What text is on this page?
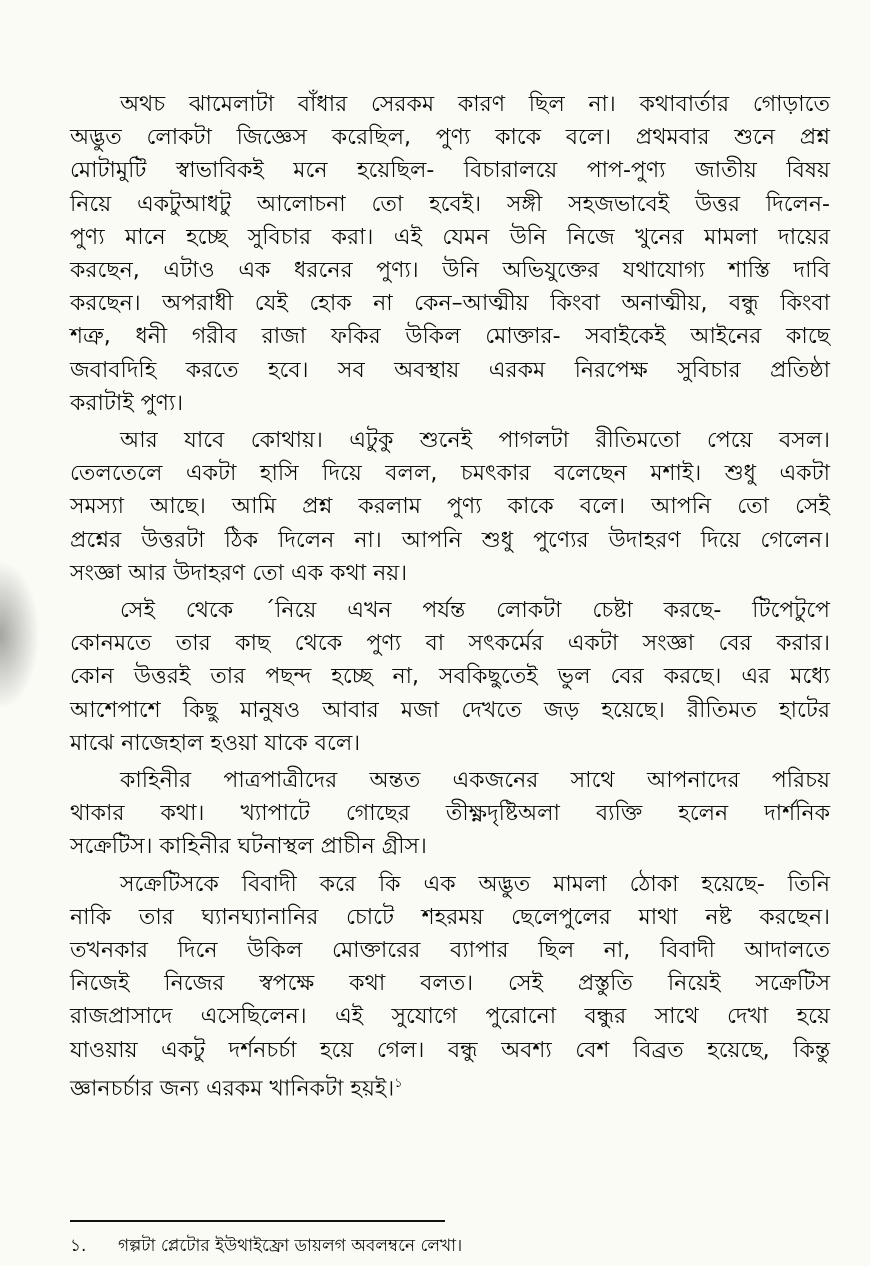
অথচ ঝামেলাটা বাঁধার সেরকম কারণ ছিল না। কথাবার্তার গোড়াতে
অদ্ভুত লোকটা জিজ্ঞেস করেছিল, পুণ্য কাকে বলে। প্রথমবার শুনে প্রশ্ন
মোটামুটি স্বাভাবিকই মনে হয়েছিল- বিচারালয়ে পাপ-পুণ্য জাতীয় বিষয়
নিয়ে একটুআধটু আলোচনা তো হবেই। সঙ্গী সহজভাবেই উত্তর দিলেন-
পুণ্য মানে হচ্ছে সুবিচার করা। এই যেমন উনি নিজে খুনের মামলা দায়ের
করছেন, এটাও এক ধরনের পুণ্য। উনি অভিযুক্তের যথাযোগ্য শাস্তি দাবি
করছেন। অপরাধী যেই হোক না কেন–আত্মীয় কিংবা অনাত্মীয়, বন্ধু কিংবা
শত্রু, ধনী গরীব রাজা ফকির উকিল মোক্তার- সবাইকেই আইনের কাছে
জবাবদিহি করতে হবে। সব অবস্থায় এরকম নিরপেক্ষ সুবিচার প্রতিষ্ঠা
করাটাই পুণ্য।
আর যাবে কোথায়। এটুকু শুনেই পাগলটা রীতিমতো পেয়ে বসল।
তেলতেলে একটা হাসি দিয়ে বলল, চমৎকার বলেছেন মশাই। শুধু একটা
সমস্যা আছে। আমি প্রশ্ন করলাম পুণ্য কাকে বলে। আপনি তো সেই
প্রশ্নের উত্তরটা ঠিক দিলেন না। আপনি শুধু পুণ্যের উদাহরণ দিয়ে গেলেন।
সংজ্ঞা আর উদাহরণ তো এক কথা নয়।
সেই থেকে ´নিয়ে এখন পর্যন্ত লোকটা চেষ্টা করছে- টিপেটুপে
কোনমতে তার কাছ থেকে পুণ্য বা সৎকর্মের একটা সংজ্ঞা বের করার।
কোন উত্তরই তার পছন্দ হচ্ছে না, সবকিছুতেই ভুল বের করছে। এর মধ্যে
আশেপাশে কিছু মানুষও আবার মজা দেখতে জড় হয়েছে। রীতিমত হাটের
মাঝে নাজেহাল হওয়া যাকে বলে।
কাহিনীর পাত্রপাত্রীদের অন্তত একজনের সাথে আপনাদের পরিচয়
থাকার কথা। খ্যাপাটে গোছের তীক্ষ্ণদৃষ্টিঅলা ব্যক্তি হলেন দার্শনিক
সক্রেটিস। কাহিনীর ঘটনাস্থল প্রাচীন গ্রীস।
সক্রেটিসকে বিবাদী করে কি এক অদ্ভুত মামলা ঠোকা হয়েছে- তিনি
নাকি তার ঘ্যানঘ্যানানির চোটে শহরময় ছেলেপুলের মাথা নষ্ট করছেন।
তখনকার দিনে উকিল মোক্তারের ব্যাপার ছিল না, বিবাদী আদালতে
নিজেই নিজের স্বপক্ষে কথা বলত। সেই প্রস্তুতি নিয়েই সক্রেটিস
রাজপ্রাসাদে এসেছিলেন। এই সুযোগে পুরোনো বন্ধুর সাথে দেখা হয়ে
যাওয়ায় একটু দর্শনচর্চা হয়ে গেল। বন্ধু অবশ্য বেশ বিব্রত হয়েছে, কিন্তু
জ্ঞানচর্চার জন্য এরকম খানিকটা হয়ই।$^১$
১. গল্পটা প্লেটোর ইউথাইফ্রো ডায়লগ অবলম্বনে লেখা।
